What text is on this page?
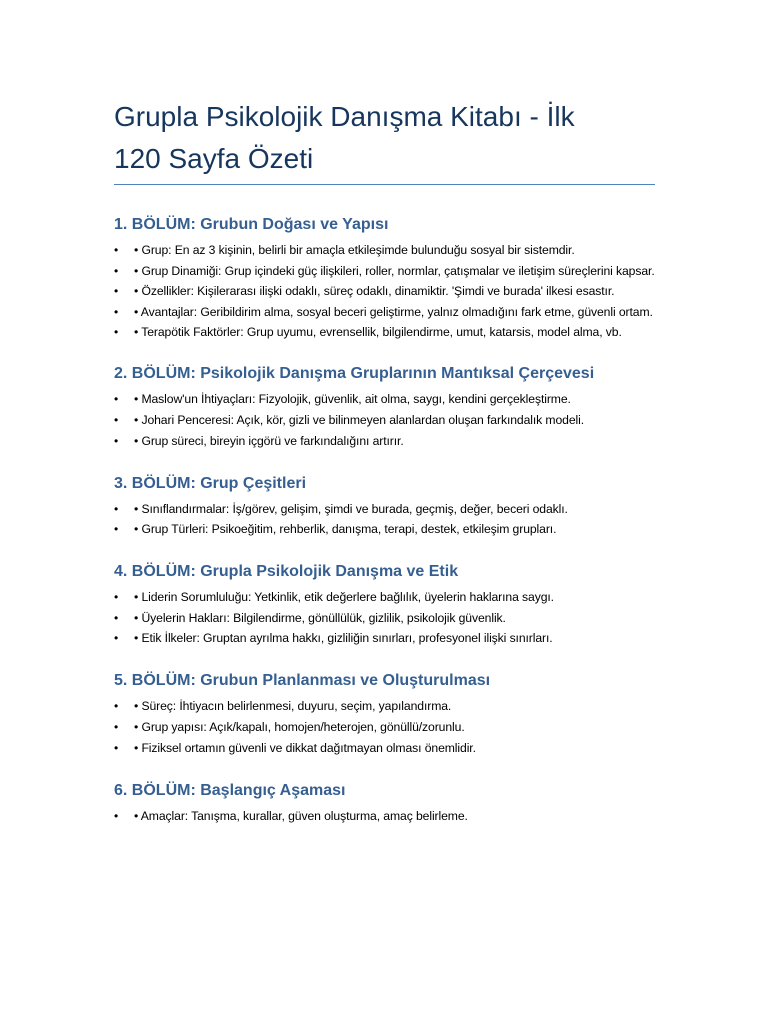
Grupla Psikolojik Danışma Kitabı - İlk
120 Sayfa Özeti
1. BÖLÜM: Grubun Doğası ve Yapısı
• • Grup: En az 3 kişinin, belirli bir amaçla etkileşimde bulunduğu sosyal bir sistemdir.
• • Grup Dinamiği: Grup içindeki güç ilişkileri, roller, normlar, çatışmalar ve iletişim süreçlerini kapsar.
• • Özellikler: Kişilerarası ilişki odaklı, süreç odaklı, dinamiktir. 'Şimdi ve burada' ilkesi esastır.
• • Avantajlar: Geribildirim alma, sosyal beceri geliştirme, yalnız olmadığını fark etme, güvenli ortam.
• • Terapötik Faktörler: Grup uyumu, evrensellik, bilgilendirme, umut, katarsis, model alma, vb.
2. BÖLÜM: Psikolojik Danışma Gruplarının Mantıksal Çerçevesi
• • Maslow'un İhtiyaçları: Fizyolojik, güvenlik, ait olma, saygı, kendini gerçekleştirme.
• • Johari Penceresi: Açık, kör, gizli ve bilinmeyen alanlardan oluşan farkındalık modeli.
• • Grup süreci, bireyin içgörü ve farkındalığını artırır.
3. BÖLÜM: Grup Çeşitleri
• • Sınıflandırmalar: İş/görev, gelişim, şimdi ve burada, geçmiş, değer, beceri odaklı.
• • Grup Türleri: Psikoeğitim, rehberlik, danışma, terapi, destek, etkileşim grupları.
4. BÖLÜM: Grupla Psikolojik Danışma ve Etik
• • Liderin Sorumluluğu: Yetkinlik, etik değerlere bağlılık, üyelerin haklarına saygı.
• • Üyelerin Hakları: Bilgilendirme, gönüllülük, gizlilik, psikolojik güvenlik.
• • Etik İlkeler: Gruptan ayrılma hakkı, gizliliğin sınırları, profesyonel ilişki sınırları.
5. BÖLÜM: Grubun Planlanması ve Oluşturulması
• • Süreç: İhtiyacın belirlenmesi, duyuru, seçim, yapılandırma.
• • Grup yapısı: Açık/kapalı, homojen/heterojen, gönüllü/zorunlu.
• • Fiziksel ortamın güvenli ve dikkat dağıtmayan olması önemlidir.
6. BÖLÜM: Başlangıç Aşaması
• • Amaçlar: Tanışma, kurallar, güven oluşturma, amaç belirleme.
